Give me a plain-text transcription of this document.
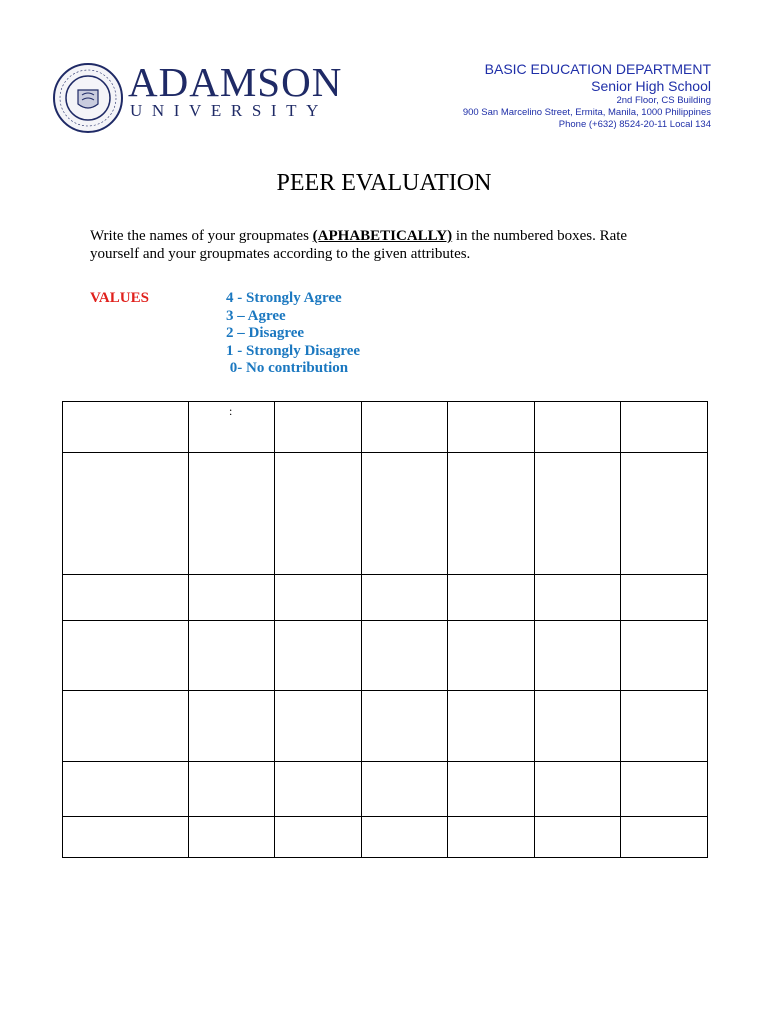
ADAMSON
UNIVERSITY
BASIC EDUCATION DEPARTMENT
Senior High School
2nd Floor, CS Building
900 San Marcelino Street, Ermita, Manila, 1000 Philippines
Phone (+632) 8524-20-11 Local 134
PEER EVALUATION
Write the names of your groupmates (APHABETICALLY) in the numbered boxes. Rate yourself and your groupmates according to the given attributes.
VALUES	4 - Strongly Agree
3 – Agree
2 – Disagree
1 - Strongly Disagree
0- No contribution

	:					
